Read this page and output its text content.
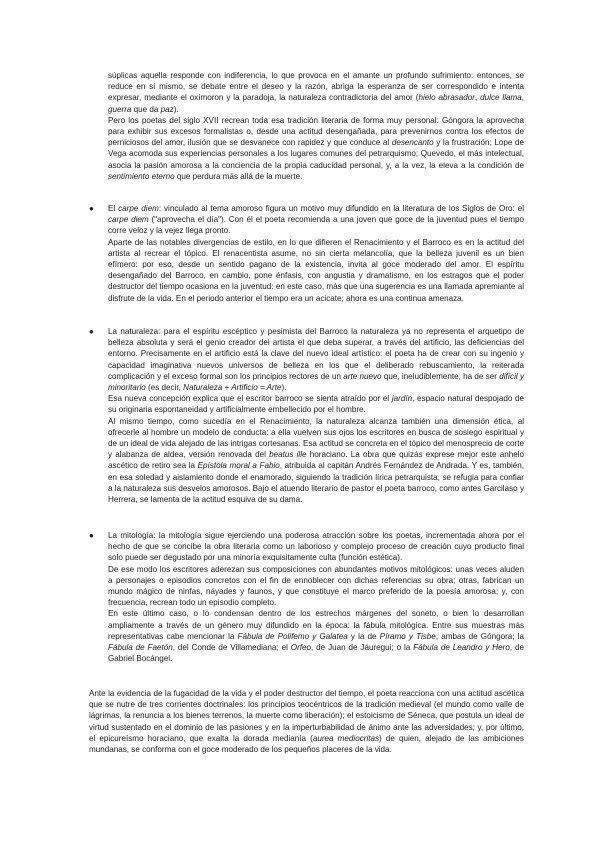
súplicas aquella responde con indiferencia, lo que provoca en el amante un profundo sufrimiento: entonces, se reduce en sí mismo, se debate entre el deseo y la razón, abriga la esperanza de ser correspondido e intenta expresar, mediante el oxímoron y la paradoja, la naturaleza contradictoria del amor (hielo abrasador, dulce llama, guerra que da paz).

Pero los poetas del siglo XVII recrean toda esa tradición literaria de forma muy personal: Góngora la aprovecha para exhibir sus excesos formalistas o, desde una actitud desengañada, para prevenirnos contra los efectos de perniciosos del amor, ilusión que se desvanece con rapidez y que conduce al desencanto y la frustración; Lope de Vega acomoda sus experiencias personales a los lugares comunes del petrarquismo; Quevedo, el más intelectual, asocia la pasión amorosa a la conciencia de la propia caducidad personal, y, a la vez, la eleva a la condición de sentimiento eterno que perdura más allá de la muerte.

● El carpe diem: vinculado al tema amoroso figura un motivo muy difundido en la literatura de los Siglos de Oro: el carpe diem ("aprovecha el día"). Con él el poeta recomienda a una joven que goce de la juventud pues el tiempo corre veloz y la vejez llega pronto.

Aparte de las notables divergencias de estilo, en lo que difieren el Renacimiento y el Barroco es en la actitud del artista al recrear el tópico. El renacentista asume, no sin cierta melancolía, que la belleza juvenil es un bien efímero: por eso, desde un sentido pagano de la existencia, invita al goce moderado del amor. El espíritu desengañado del Barroco, en cambio, pone énfasis, con angustia y dramatismo, en los estragos que el poder destructor del tiempo ocasiona en la juventud: en este caso, más que una sugerencia es una llamada apremiante al disfrute de la vida. En el periodo anterior el tiempo era un acicate; ahora es una continua amenaza.

● La naturaleza: para el espíritu escéptico y pesimista del Barroco la naturaleza ya no representa el arquetipo de belleza absoluta y será el genio creador del artista el que deba superar, a través del artificio, las deficiencias del entorno. Precisamente en el artificio está la clave del nuevo ideal artístico: el poeta ha de crear con su ingenio y capacidad imaginativa nuevos universos de belleza en los que el deliberado rebuscamiento, la reiterada complicación y el exceso formal son los principios rectores de un arte nuevo que, ineludiblemente, ha de ser difícil y minoritario (es decir, Naturaleza + Artificio = Arte).

Esa nueva concepción explica que el escritor barroco se sienta atraído por el jardín, espacio natural despojado de su originaria espontaneidad y artificialmente embellecido por el hombre.

Al mismo tiempo, como sucedía en el Renacimiento, la naturaleza alcanza también una dimensión ética, al ofrecerle al hombre un modelo de conducta: a ella vuelven sus ojos los escritores en busca de sosiego espiritual y de un ideal de vida alejado de las intrigas cortesanas. Esa actitud se concreta en el tópico del menosprecio de corte y alabanza de aldea, versión renovada del beatus ille horaciano. La obra que quizás exprese mejor este anhelo ascético de retiro sea la Epístola moral a Fabio, atribuida al capitán Andrés Fernández de Andrada. Y es, también, en esa soledad y aislamiento donde el enamorado, siguiendo la tradición lírica petrarquista, se refugia para confiar a la naturaleza sus desvelos amorosos. Bajo el atuendo literario de pastor el poeta barroco, como antes Garcilaso y Herrera, se lamenta de la actitud esquiva de su dama.

● La mitología: la mitología sigue ejerciendo una poderosa atracción sobre los poetas, incrementada ahora por el hecho de que se concibe la obra literaria como un laborioso y complejo proceso de creación cuyo producto final solo puede ser degustado por una minoría exquisitamente culta (función estética).

De ese modo los escritores aderezan sus composiciones con abundantes motivos mitológicos: unas veces aluden a personajes o episodios concretos con el fin de ennoblecer con dichas referencias su obra; otras, fabrican un mundo mágico de ninfas, náyades y faunos, y que constituye el marco preferido de la poesía amorosa; y, con frecuencia, recrean todo un episodio completo.

En este último caso, o lo condensan dentro de los estrechos márgenes del soneto, o bien lo desarrollan ampliamente a través de un género muy difundido en la época: la fábula mitológica. Entre sus muestras más representativas cabe mencionar la Fábula de Polifemo y Galatea y la de Píramo y Tisbe, ambas de Góngora; la Fábula de Faetón, del Conde de Villamediana; el Orfeo, de Juan de Jáuregui; o la Fábula de Leandro y Hero, de Gabriel Bocángel.

Ante la evidencia de la fugacidad de la vida y el poder destructor del tiempo, el poeta reacciona con una actitud ascética que se nutre de tres corrientes doctrinales: los principios teocéntricos de la tradición medieval (el mundo como valle de lágrimas, la renuncia a los bienes terrenos, la muerte como liberación); el estoicismo de Séneca, que postula un ideal de virtud sustentado en el dominio de las pasiones y en la imperturbabilidad de ánimo ante las adversidades; y, por último, el epicureísmo horaciano, que exalta la dorada medianía (aurea mediocritas) de quien, alejado de las ambiciones mundanas, se conforma con el goce moderado de los pequeños placeres de la vida.
